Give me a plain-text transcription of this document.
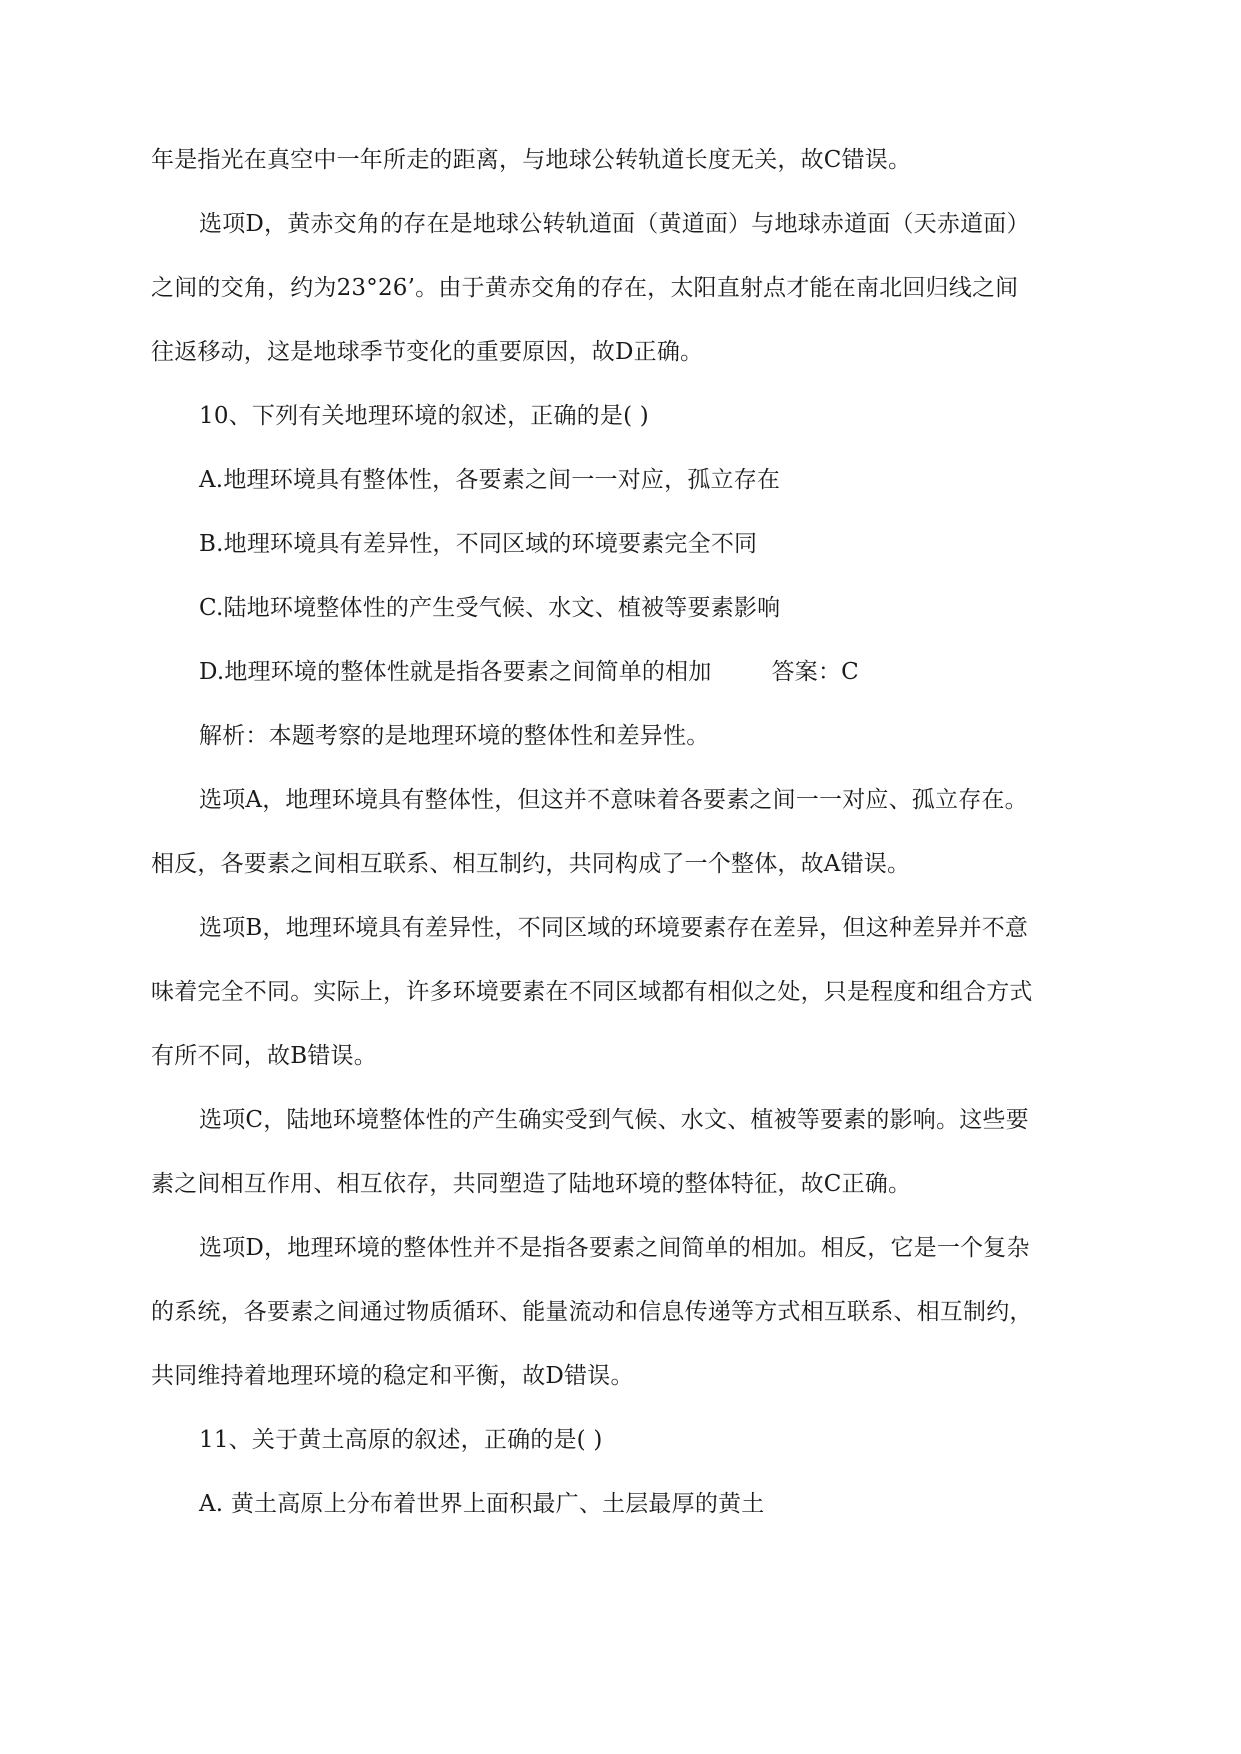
年是指光在真空中一年所走的距离，与地球公转轨道长度无关，故C错误。
选项D，黄赤交角的存在是地球公转轨道面（黄道面）与地球赤道面（天赤道面）
之间的交角，约为23°26’。由于黄赤交角的存在，太阳直射点才能在南北回归线之间
往返移动，这是地球季节变化的重要原因，故D正确。
10、下列有关地理环境的叙述，正确的是( )
A.地理环境具有整体性，各要素之间一一对应，孤立存在
B.地理环境具有差异性，不同区域的环境要素完全不同
C.陆地环境整体性的产生受气候、水文、植被等要素影响
D.地理环境的整体性就是指各要素之间简单的相加	答案：C
解析：本题考察的是地理环境的整体性和差异性。
选项A，地理环境具有整体性，但这并不意味着各要素之间一一对应、孤立存在。
相反，各要素之间相互联系、相互制约，共同构成了一个整体，故A错误。
选项B，地理环境具有差异性，不同区域的环境要素存在差异，但这种差异并不意
味着完全不同。实际上，许多环境要素在不同区域都有相似之处，只是程度和组合方式
有所不同，故B错误。
选项C，陆地环境整体性的产生确实受到气候、水文、植被等要素的影响。这些要
素之间相互作用、相互依存，共同塑造了陆地环境的整体特征，故C正确。
选项D，地理环境的整体性并不是指各要素之间简单的相加。相反，它是一个复杂
的系统，各要素之间通过物质循环、能量流动和信息传递等方式相互联系、相互制约，
共同维持着地理环境的稳定和平衡，故D错误。
11、关于黄土高原的叙述，正确的是( )
A. 黄土高原上分布着世界上面积最广、土层最厚的黄土
